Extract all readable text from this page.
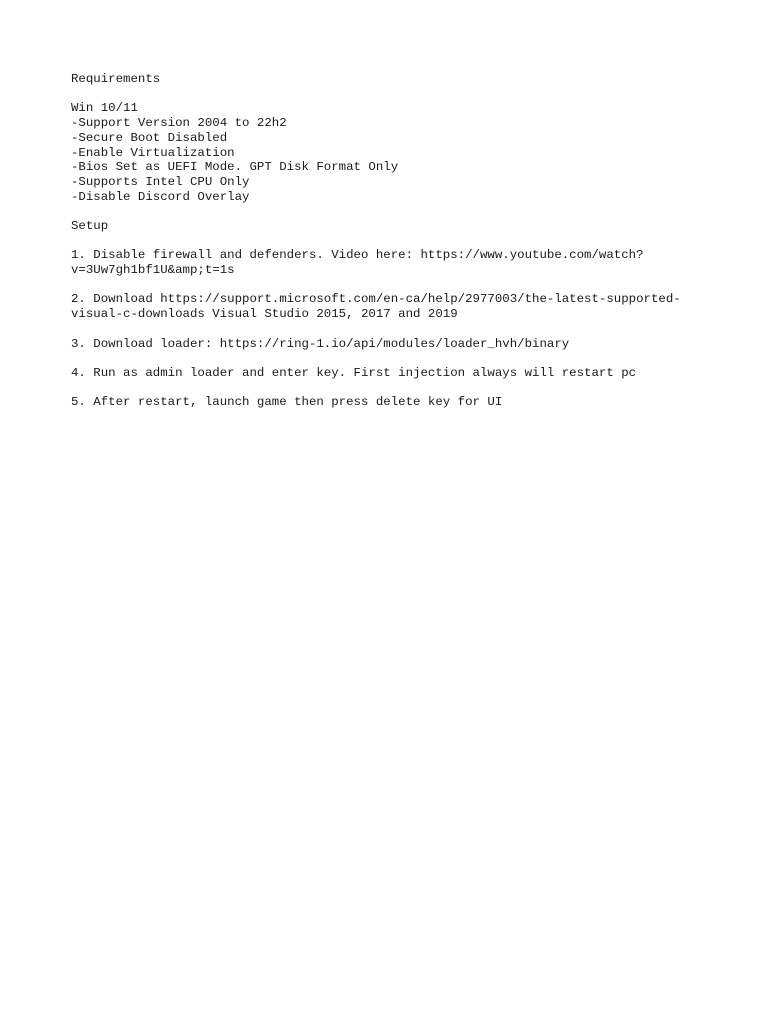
Requirements
Win 10/11
-Support Version 2004 to 22h2
-Secure Boot Disabled
-Enable Virtualization
-Bios Set as UEFI Mode. GPT Disk Format Only
-Supports Intel CPU Only
-Disable Discord Overlay
Setup
1. Disable firewall and defenders. Video here: https://www.youtube.com/watch?
v=3Uw7gh1bf1U&amp;t=1s
2. Download https://support.microsoft.com/en-ca/help/2977003/the-latest-supported-
visual-c-downloads Visual Studio 2015, 2017 and 2019
3. Download loader: https://ring-1.io/api/modules/loader_hvh/binary
4. Run as admin loader and enter key. First injection always will restart pc
5. After restart, launch game then press delete key for UI
